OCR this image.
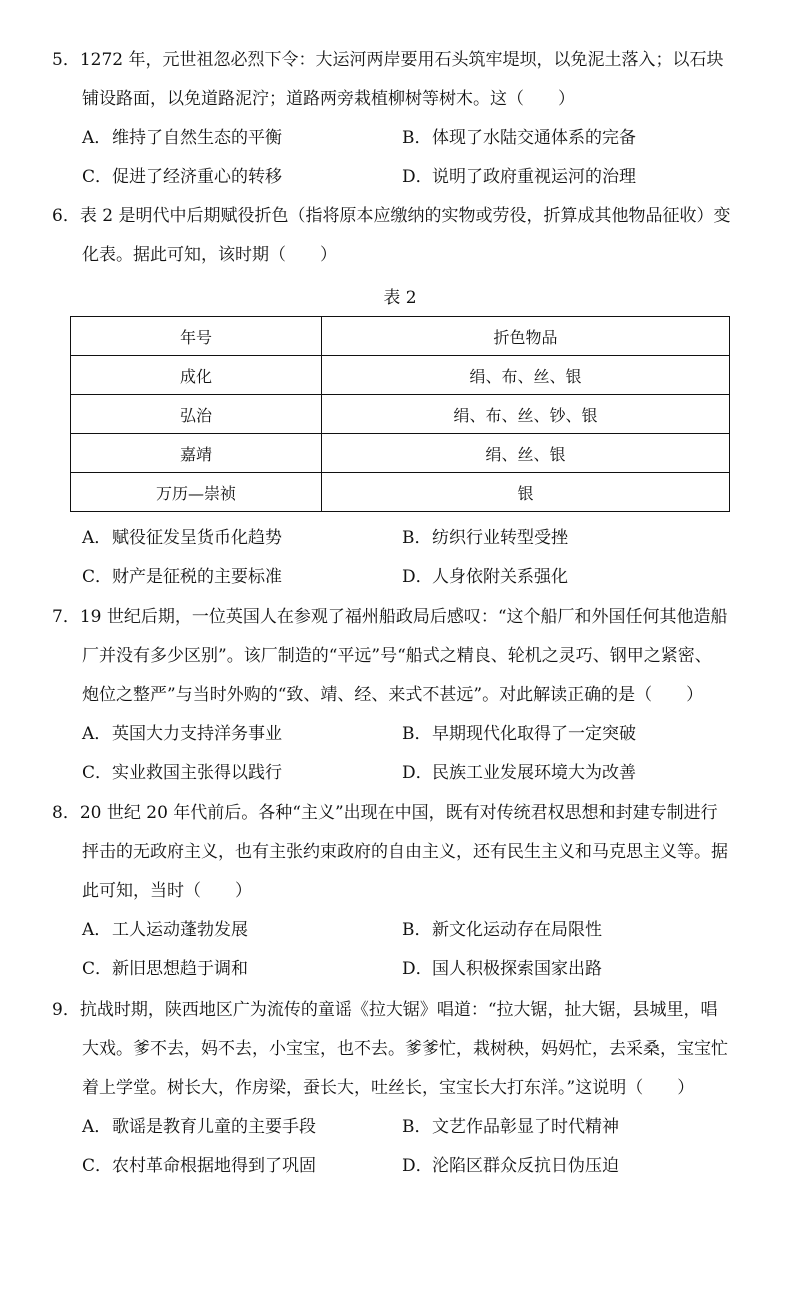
5．1272 年，元世祖忽必烈下令：大运河两岸要用石头筑牢堤坝，以免泥土落入；以石块
铺设路面，以免道路泥泞；道路两旁栽植柳树等树木。这（　　）

A．维持了自然生态的平衡	B．体现了水陆交通体系的完备
C．促进了经济重心的转移	D．说明了政府重视运河的治理

6．表 2 是明代中后期赋役折色（指将原本应缴纳的实物或劳役，折算成其他物品征收）变
化表。据此可知，该时期（　　）

表 2
年号	折色物品
成化	绢、布、丝、银
弘治	绢、布、丝、钞、银
嘉靖	绢、丝、银
万历—崇祯	银
A．赋役征发呈货币化趋势	B．纺织行业转型受挫
C．财产是征税的主要标准	D．人身依附关系强化

7．19 世纪后期，一位英国人在参观了福州船政局后感叹：“这个船厂和外国任何其他造船
厂并没有多少区别”。该厂制造的“平远”号“船式之精良、轮机之灵巧、钢甲之紧密、
炮位之整严”与当时外购的“致、靖、经、来式不甚远”。对此解读正确的是（　　）

A．英国大力支持洋务事业	B．早期现代化取得了一定突破
C．实业救国主张得以践行	D．民族工业发展环境大为改善

8．20 世纪 20 年代前后。各种“主义”出现在中国，既有对传统君权思想和封建专制进行
抨击的无政府主义，也有主张约束政府的自由主义，还有民生主义和马克思主义等。据
此可知，当时（　　）

A．工人运动蓬勃发展	B．新文化运动存在局限性
C．新旧思想趋于调和	D．国人积极探索国家出路

9．抗战时期，陕西地区广为流传的童谣《拉大锯》唱道：“拉大锯，扯大锯，县城里，唱
大戏。爹不去，妈不去，小宝宝，也不去。爹爹忙，栽树秧，妈妈忙，去采桑，宝宝忙
着上学堂。树长大，作房梁，蚕长大，吐丝长，宝宝长大打东洋。”这说明（　　）

A．歌谣是教育儿童的主要手段	B．文艺作品彰显了时代精神
C．农村革命根据地得到了巩固	D．沦陷区群众反抗日伪压迫
